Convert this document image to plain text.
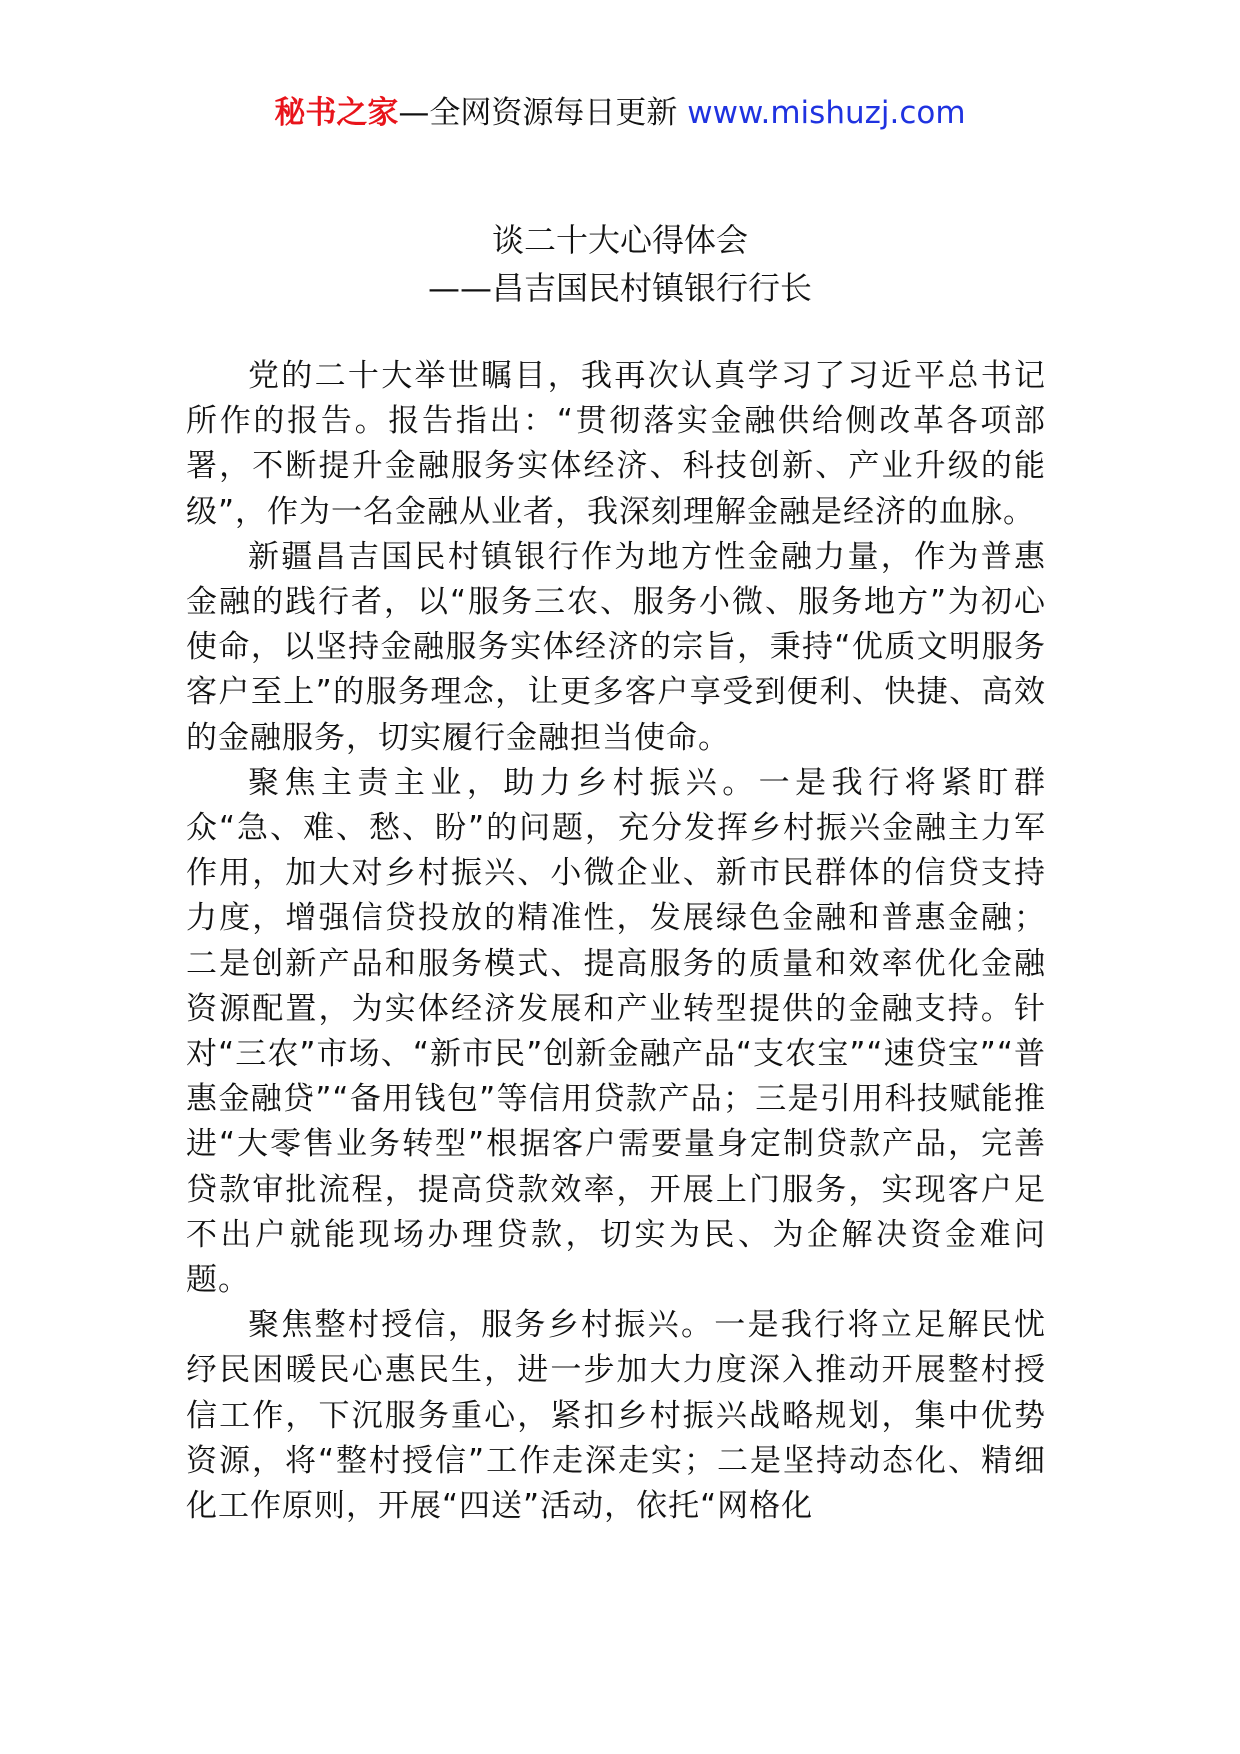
秘书之家—全网资源每日更新 www.mishuzj.com
谈二十大心得体会
——昌吉国民村镇银行行长

党的二十大举世瞩目，我再次认真学习了习近平总书记所作的报告。报告指出：“贯彻落实金融供给侧改革各项部署，不断提升金融服务实体经济、科技创新、产业升级的能级”，作为一名金融从业者，我深刻理解金融是经济的血脉。

新疆昌吉国民村镇银行作为地方性金融力量，作为普惠金融的践行者，以“服务三农、服务小微、服务地方”为初心使命，以坚持金融服务实体经济的宗旨，秉持“优质文明服务 客户至上”的服务理念，让更多客户享受到便利、快捷、高效的金融服务，切实履行金融担当使命。

聚焦主责主业，助力乡村振兴。一是我行将紧盯群众“急、难、愁、盼”的问题，充分发挥乡村振兴金融主力军作用，加大对乡村振兴、小微企业、新市民群体的信贷支持力度，增强信贷投放的精准性，发展绿色金融和普惠金融；二是创新产品和服务模式、提高服务的质量和效率优化金融资源配置，为实体经济发展和产业转型提供的金融支持。针对“三农”市场、“新市民”创新金融产品“支农宝”“速贷宝”“普惠金融贷”“备用钱包”等信用贷款产品；三是引用科技赋能推进“大零售业务转型”根据客户需要量身定制贷款产品，完善贷款审批流程，提高贷款效率，开展上门服务，实现客户足不出户就能现场办理贷款，切实为民、为企解决资金难问题。

聚焦整村授信，服务乡村振兴。一是我行将立足解民忧纾民困暖民心惠民生，进一步加大力度深入推动开展整村授信工作，下沉服务重心，紧扣乡村振兴战略规划，集中优势资源，将“整村授信”工作走深走实；二是坚持动态化、精细化工作原则，开展“四送”活动，依托“网格化
